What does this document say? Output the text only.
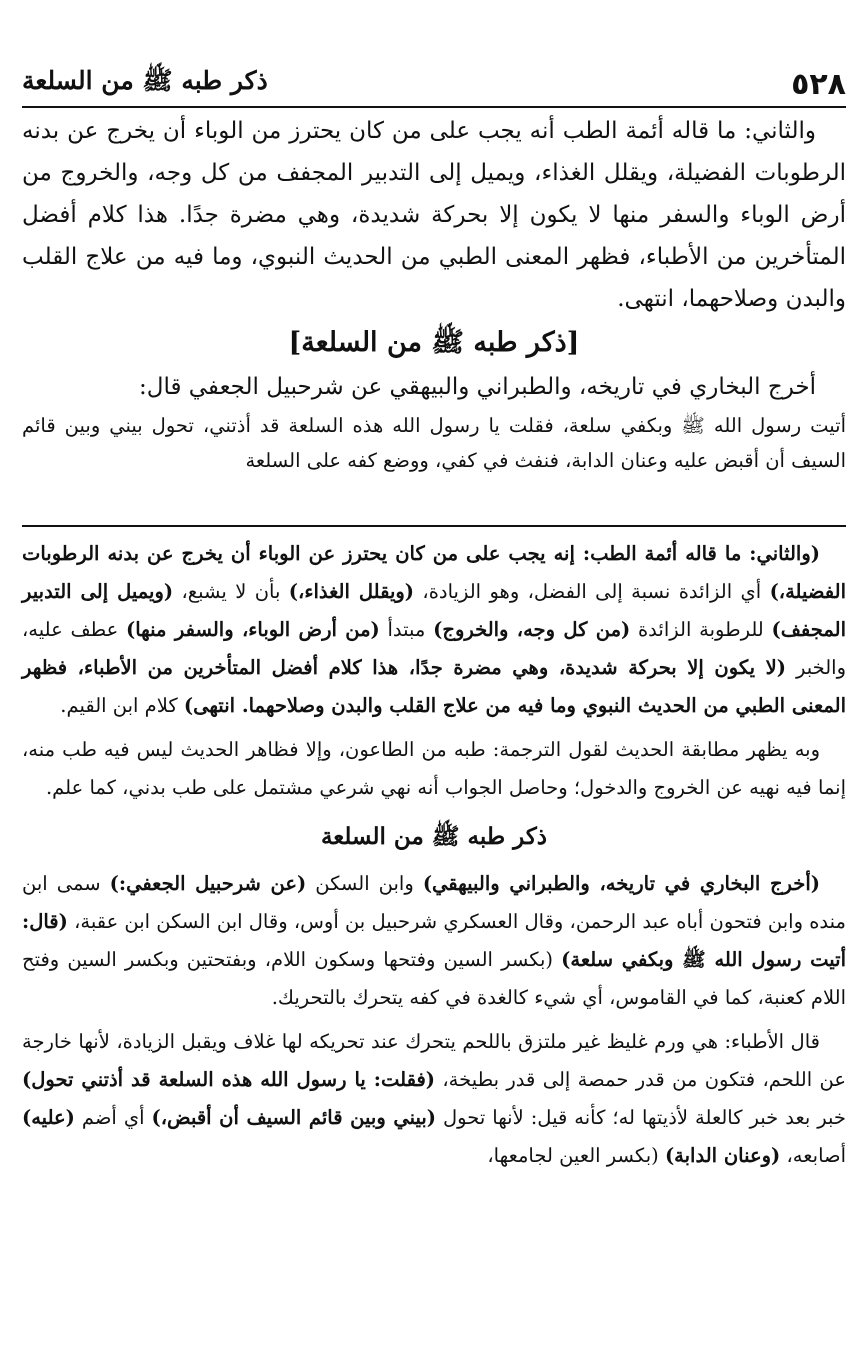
٥٢٨
ذكر طبه ﷺ من السلعة

والثاني: ما قاله أئمة الطب أنه يجب على من كان يحترز من الوباء أن يخرج عن بدنه الرطوبات الفضيلة، ويقلل الغذاء، ويميل إلى التدبير المجفف من كل وجه، والخروج من أرض الوباء والسفر منها لا يكون إلا بحركة شديدة، وهي مضرة جدًا. هذا كلام أفضل المتأخرين من الأطباء، فظهر المعنى الطبي من الحديث النبوي، وما فيه من علاج القلب والبدن وصلاحهما، انتهى.

[ذكر طبه ﷺ من السلعة]

أخرج البخاري في تاريخه، والطبراني والبيهقي عن شرحبيل الجعفي قال:

أتيت رسول الله ﷺ وبكفي سلعة، فقلت يا رسول الله هذه السلعة قد أذتني، تحول بيني وبين قائم السيف أن أقبض عليه وعنان الدابة، فنفث في كفي، ووضع كفه على السلعة

(والثاني: ما قاله أئمة الطب: إنه يجب على من كان يحترز عن الوباء أن يخرج عن بدنه الرطوبات الفضيلة،) أي الزائدة نسبة إلى الفضل، وهو الزيادة، (ويقلل الغذاء،) بأن لا يشبع، (ويميل إلى التدبير المجفف) للرطوبة الزائدة (من كل وجه، والخروج) مبتدأ (من أرض الوباء، والسفر منها) عطف عليه، والخبر (لا يكون إلا بحركة شديدة، وهي مضرة جدًا، هذا كلام أفضل المتأخرين من الأطباء، فظهر المعنى الطبي من الحديث النبوي وما فيه من علاج القلب والبدن وصلاحهما. انتهى) كلام ابن القيم.

وبه يظهر مطابقة الحديث لقول الترجمة: طبه من الطاعون، وإلا فظاهر الحديث ليس فيه طب منه، إنما فيه نهيه عن الخروج والدخول؛ وحاصل الجواب أنه نهي شرعي مشتمل على طب بدني، كما علم.

ذكر طبه ﷺ من السلعة

(أخرج البخاري في تاريخه، والطبراني والبيهقي) وابن السكن (عن شرحبيل الجعفي:) سمى ابن منده وابن فتحون أباه عبد الرحمن، وقال العسكري شرحبيل بن أوس، وقال ابن السكن ابن عقبة، (قال: أتيت رسول الله ﷺ وبكفي سلعة) (بكسر السين وفتحها وسكون اللام، وبفتحتين وبكسر السين وفتح اللام كعنبة، كما في القاموس، أي شيء كالغدة في كفه يتحرك بالتحريك.

قال الأطباء: هي ورم غليظ غير ملتزق باللحم يتحرك عند تحريكه لها غلاف ويقبل الزيادة، لأنها خارجة عن اللحم، فتكون من قدر حمصة إلى قدر بطيخة، (فقلت: يا رسول الله هذه السلعة قد أذتني تحول) خبر بعد خبر كالعلة لأذيتها له؛ كأنه قيل: لأنها تحول (بيني وبين قائم السيف أن أقبض،) أي أضم (عليه) أصابعه، (وعنان الدابة) (بكسر العين لجامعها،
